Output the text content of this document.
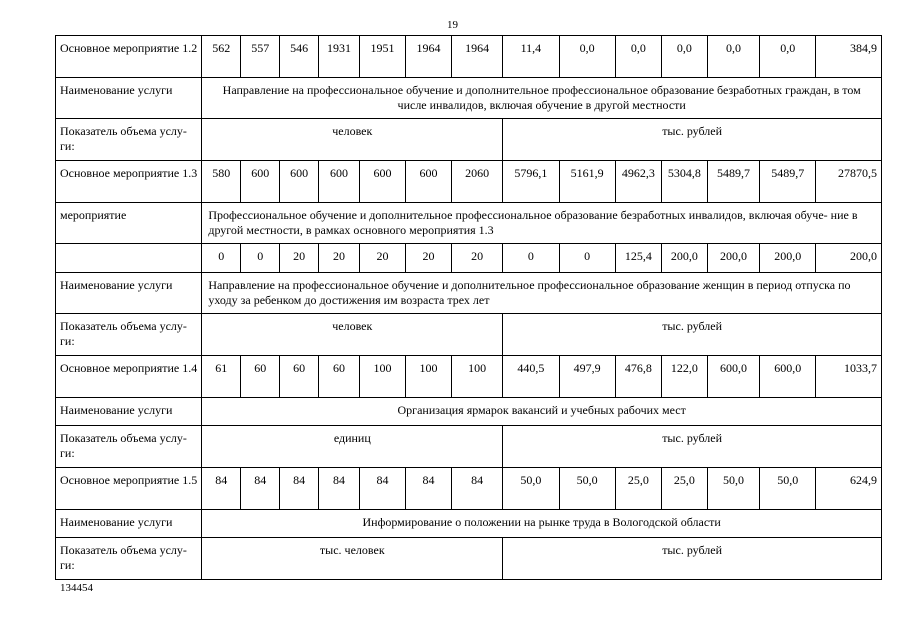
19
Основное мероприятие 1.2	562	557	546	1931	1951	1964	1964	11,4	0,0	0,0	0,0	0,0	0,0	384,9
Наименование услуги	Направление на профессиональное обучение и дополнительное профессиональное образование безработных граждан, в том числе инвалидов, включая обучение в другой местности													
Показатель объема услу- ги:	человек							тыс. рублей						
Основное мероприятие 1.3	580	600	600	600	600	600	2060	5796,1	5161,9	4962,3	5304,8	5489,7	5489,7	27870,5
мероприятие	Профессиональное обучение и дополнительное профессиональное образование безработных инвалидов, включая обуче- ние в другой местности, в рамках основного мероприятия 1.3													
	0	0	20	20	20	20	20	0	0	125,4	200,0	200,0	200,0	200,0
Наименование услуги	Направление на профессиональное обучение и дополнительное профессиональное образование женщин в период отпуска по уходу за ребенком до достижения им возраста трех лет													
Показатель объема услу- ги:	человек							тыс. рублей						
Основное мероприятие 1.4	61	60	60	60	100	100	100	440,5	497,9	476,8	122,0	600,0	600,0	1033,7
Наименование услуги	Организация ярмарок вакансий и учебных рабочих мест													
Показатель объема услу- ги:	единиц							тыс. рублей						
Основное мероприятие 1.5	84	84	84	84	84	84	84	50,0	50,0	25,0	25,0	50,0	50,0	624,9
Наименование услуги	Информирование о положении на рынке труда в Вологодской области													
Показатель объема услу- ги:	тыс. человек							тыс. рублей						
134454
